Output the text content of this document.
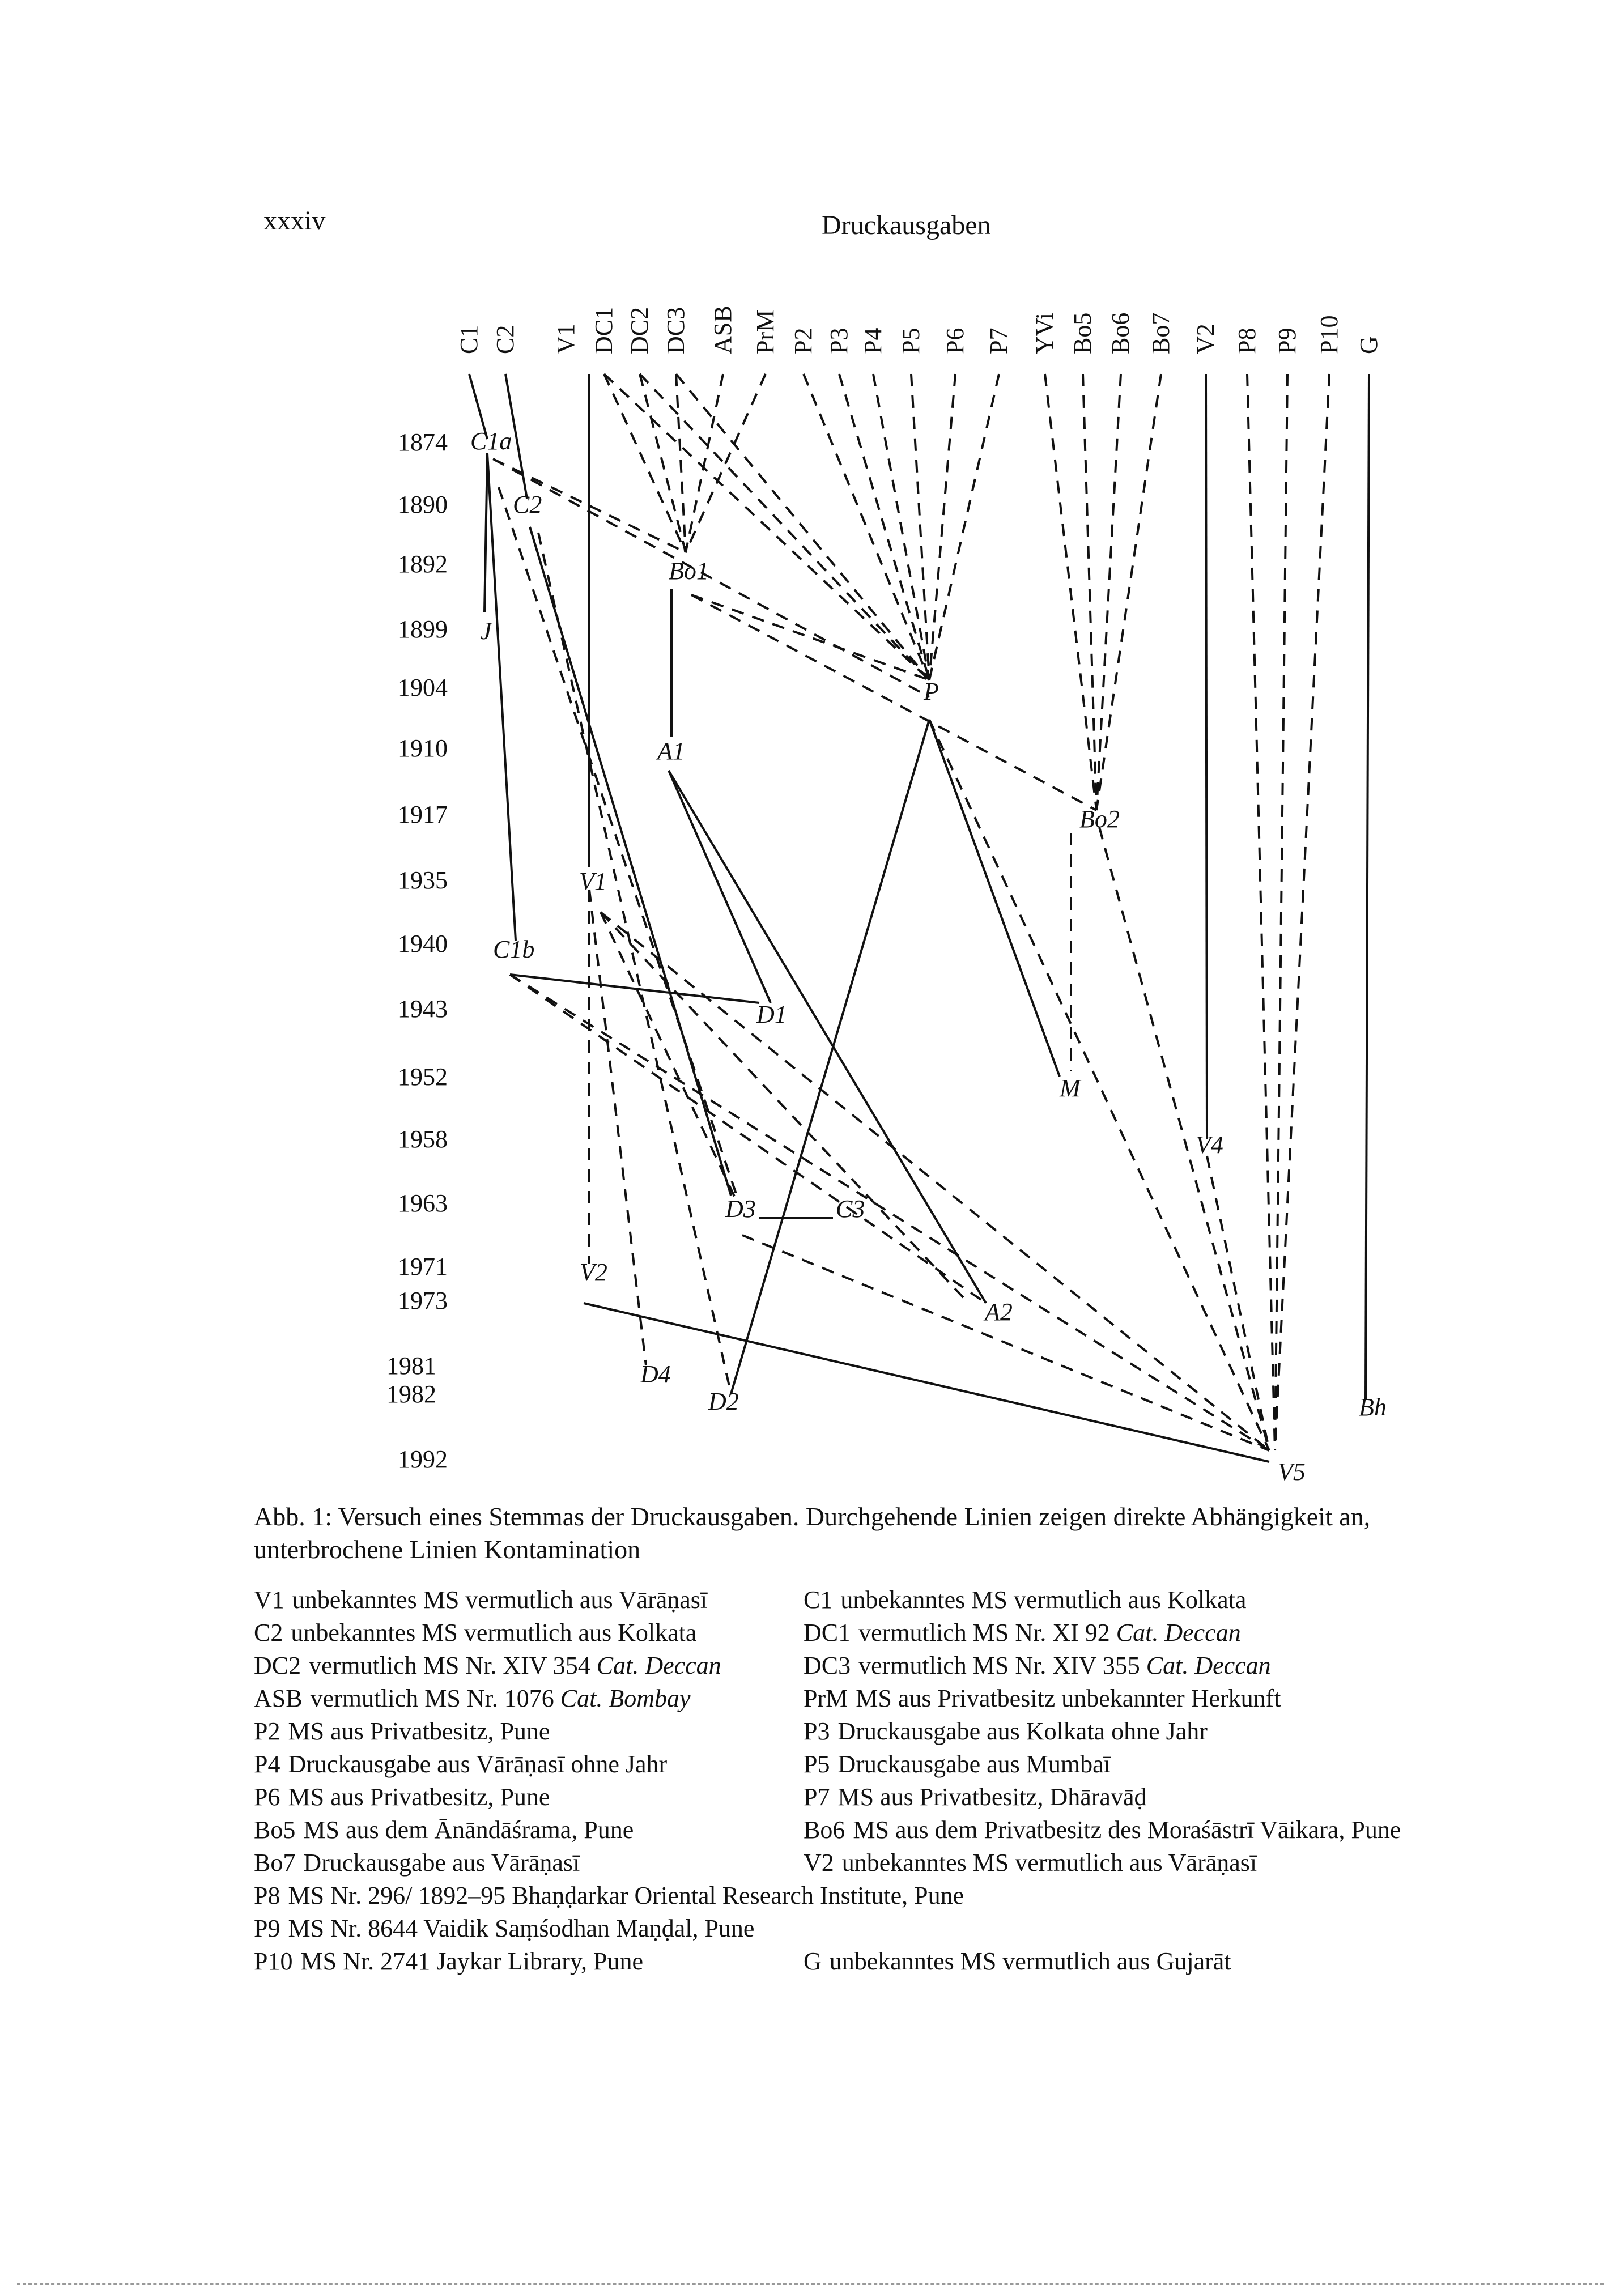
xxxiv	Druckausgaben
C1 C2 V1 DC1 DC2 DC3 ASB PrM P2 P3 P4 P5 P6 P7 YVi Bo5 Bo6 Bo7 V2 P8 P9 P10 G
1874
1890
1892
1899
1904
1910
1917
1935
1940
1943
1952
1958
1963
1971
1973
1981
1982
1992
C1a
C2
Bo1
J
P
A1
Bo2
V1
C1b
D1
M
V4
D3	C3
V2
A2
D4
D2	Bh
V5
Abb. 1: Versuch eines Stemmas der Druckausgaben. Durchgehende Linien zeigen direkte Abhängigkeit an, unterbrochene Linien Kontamination
V1 unbekanntes MS vermutlich aus Vārāṇasī	C1 unbekanntes MS vermutlich aus Kolkata
C2 unbekanntes MS vermutlich aus Kolkata	DC1 vermutlich MS Nr. XI 92 Cat. Deccan
DC2 vermutlich MS Nr. XIV 354 Cat. Deccan	DC3 vermutlich MS Nr. XIV 355 Cat. Deccan
ASB vermutlich MS Nr. 1076 Cat. Bombay	PrM MS aus Privatbesitz unbekannter Herkunft
P2 MS aus Privatbesitz, Pune	P3 Druckausgabe aus Kolkata ohne Jahr
P4 Druckausgabe aus Vārāṇasī ohne Jahr	P5 Druckausgabe aus Mumbaī
P6 MS aus Privatbesitz, Pune	P7 MS aus Privatbesitz, Dhāravāḍ
Bo5 MS aus dem Ānāndāśrama, Pune	Bo6 MS aus dem Privatbesitz des Moraśāstrī Vāikara, Pune
Bo7 Druckausgabe aus Vārāṇasī	V2 unbekanntes MS vermutlich aus Vārāṇasī
P8 MS Nr. 296/ 1892–95 Bhaṇḍarkar Oriental Research Institute, Pune
P9 MS Nr. 8644 Vaidik Saṃśodhan Maṇḍal, Pune
P10 MS Nr. 2741 Jaykar Library, Pune	G unbekanntes MS vermutlich aus Gujarāt
